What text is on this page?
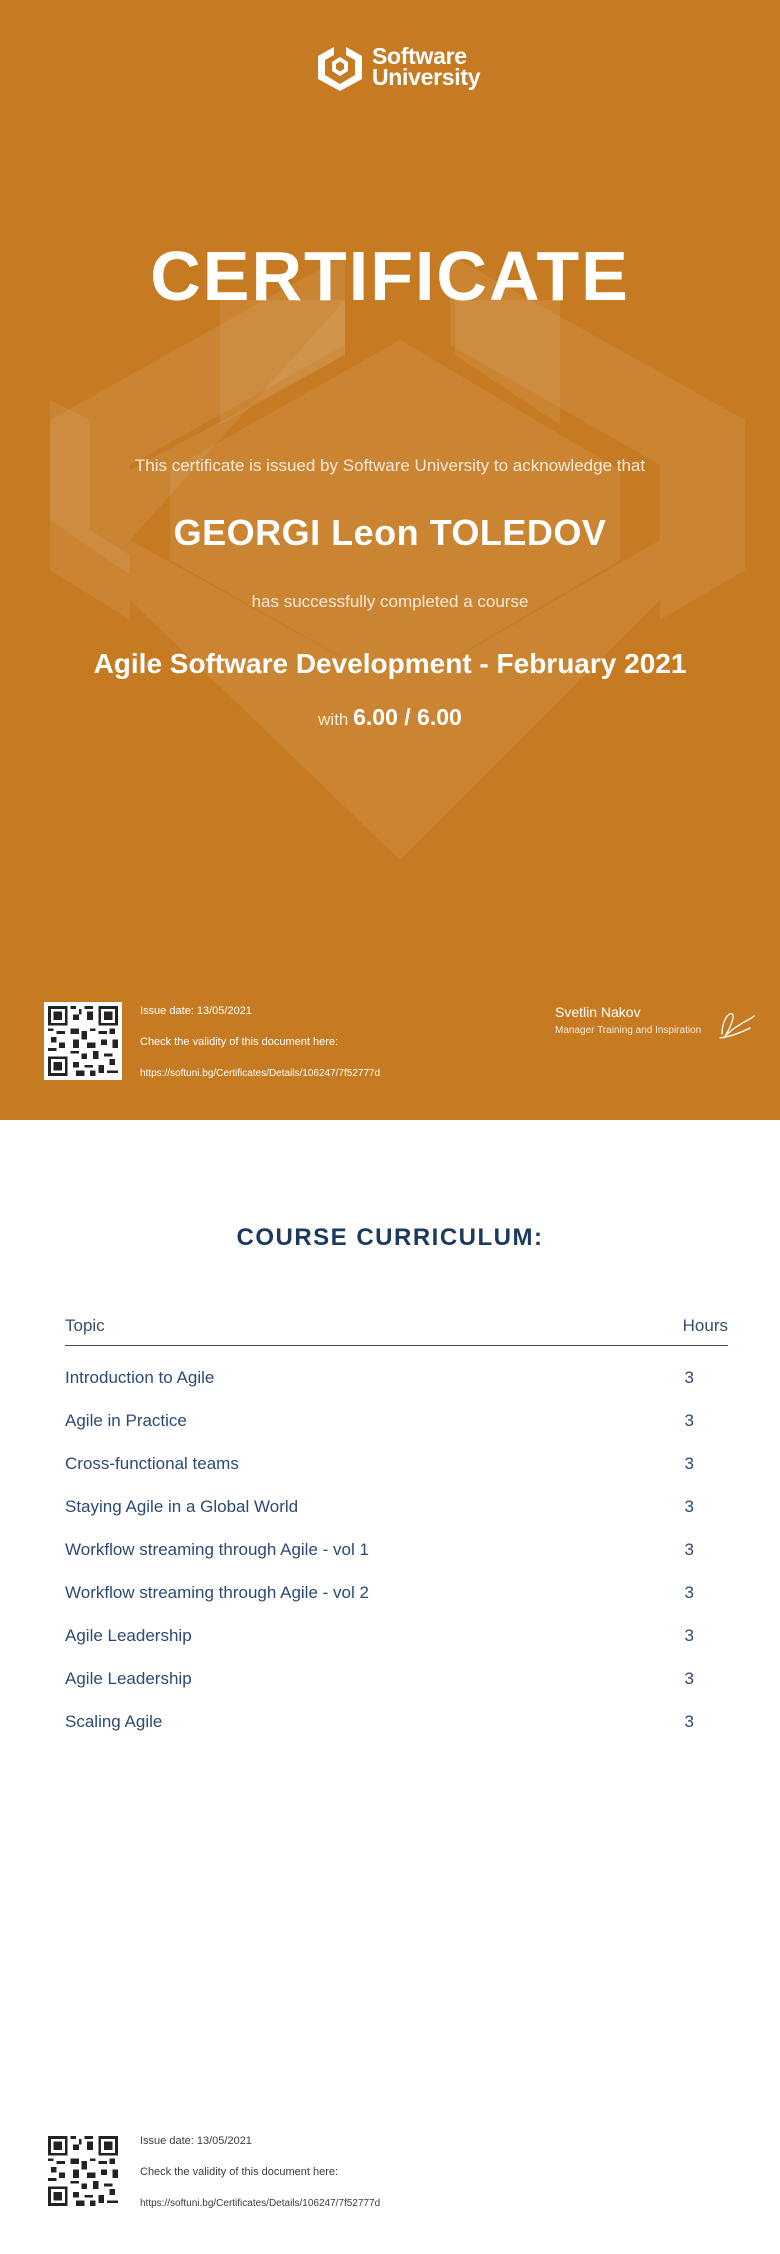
Software
University
CERTIFICATE
This certificate is issued by Software University to acknowledge that
GEORGI Leon TOLEDOV
has successfully completed a course
Agile Software Development - February 2021
with 6.00 / 6.00
Issue date: 13/05/2021
Check the validity of this document here:
https://softuni.bg/Certificates/Details/106247/7f52777d
Svetlin Nakov
Manager Training and Inspiration
COURSE CURRICULUM:
Topic	Hours
Introduction to Agile	3
Agile in Practice	3
Cross-functional teams	3
Staying Agile in a Global World	3
Workflow streaming through Agile - vol 1	3
Workflow streaming through Agile - vol 2	3
Agile Leadership	3
Agile Leadership	3
Scaling Agile	3
Issue date: 13/05/2021
Check the validity of this document here:
https://softuni.bg/Certificates/Details/106247/7f52777d
